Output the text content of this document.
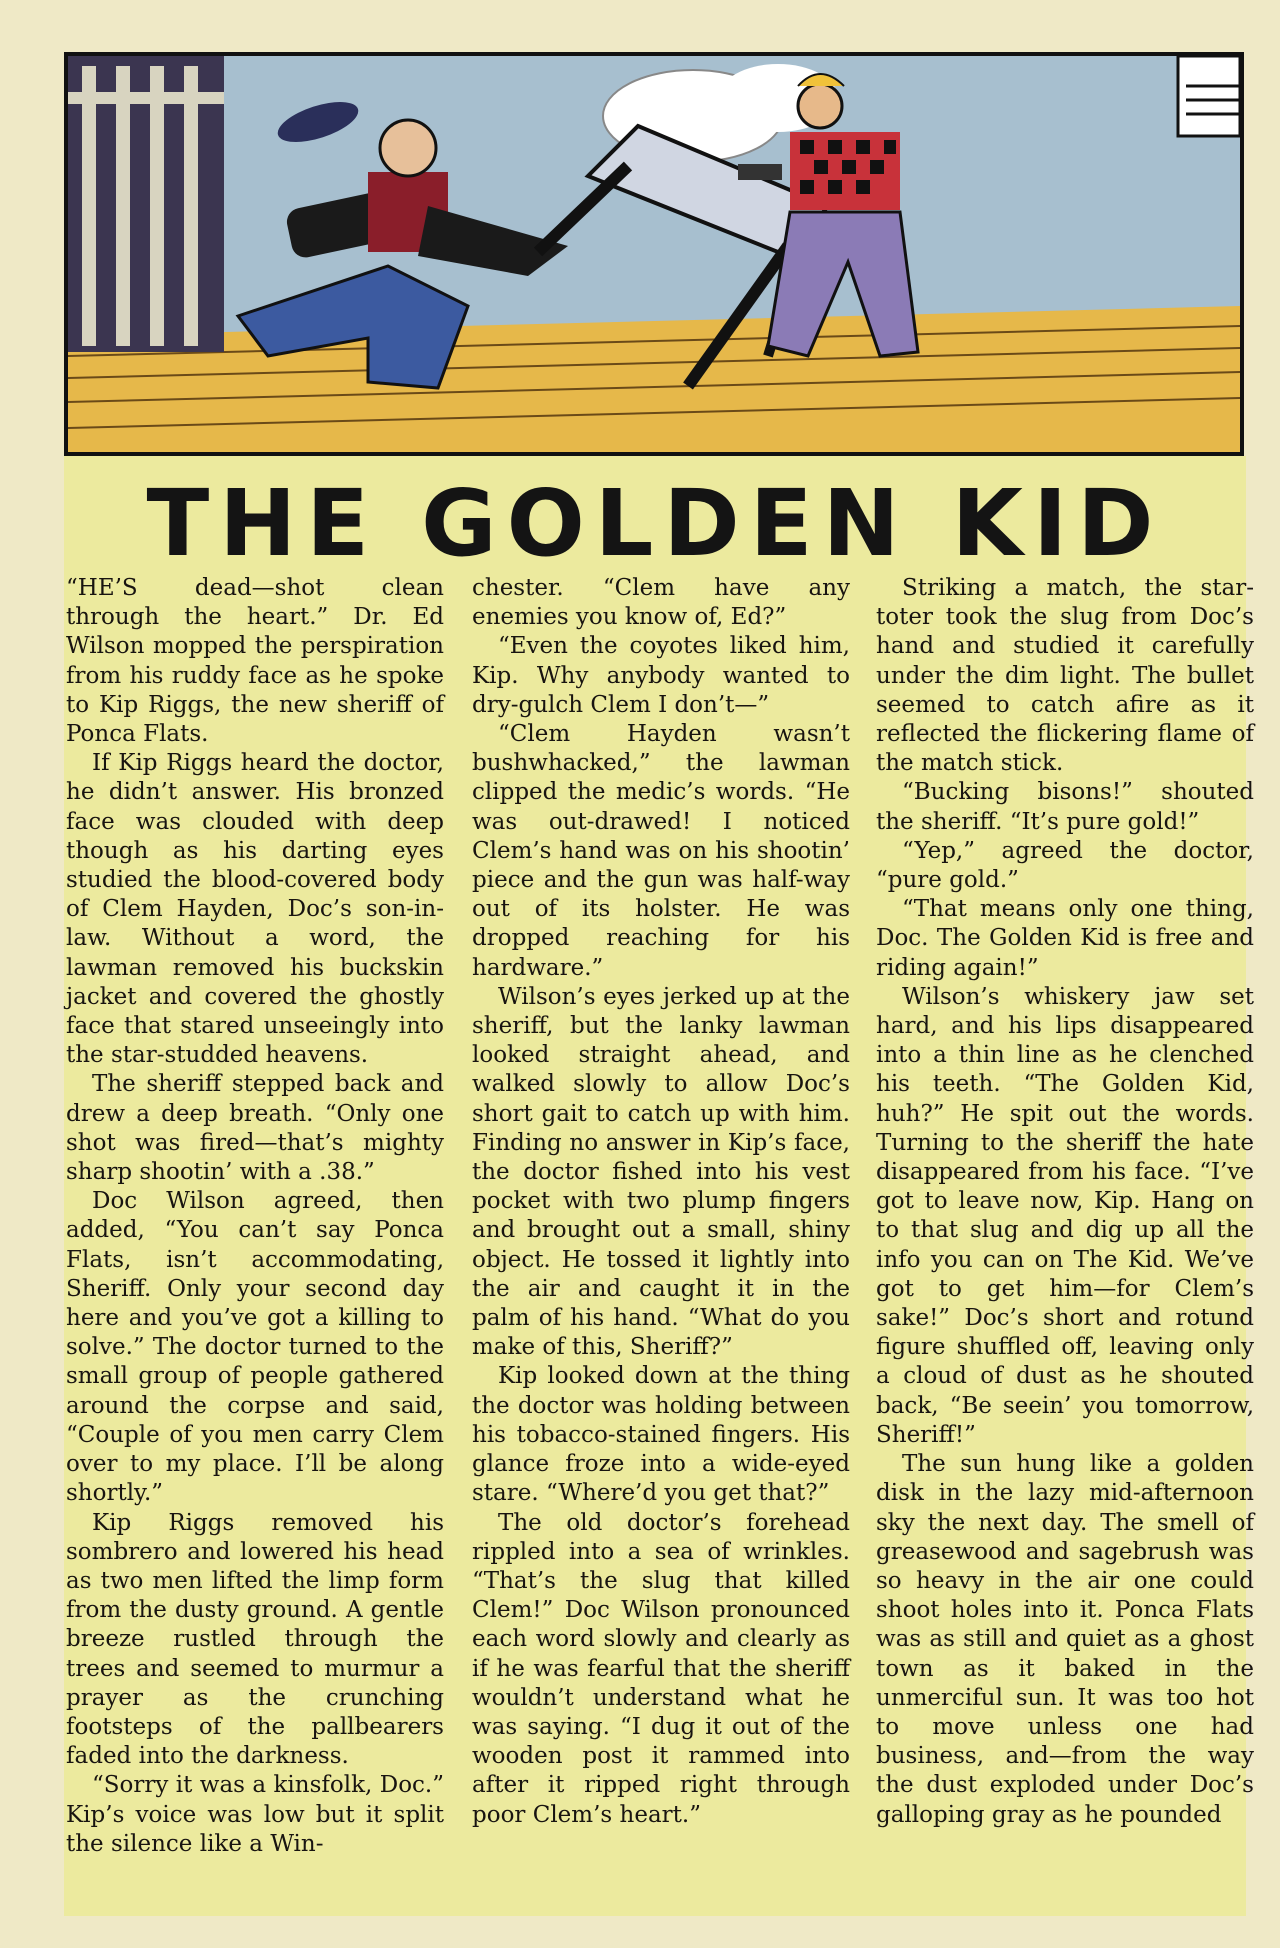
THE GOLDEN KID

“HE’S dead—shot clean through the heart.” Dr. Ed Wilson mopped the perspiration from his ruddy face as he spoke to Kip Riggs, the new sheriff of Ponca Flats.

If Kip Riggs heard the doctor, he didn’t answer. His bronzed face was clouded with deep though as his darting eyes studied the blood-covered body of Clem Hayden, Doc’s son-in-law. Without a word, the lawman removed his buckskin jacket and covered the ghostly face that stared unseeingly into the star-studded heavens.

The sheriff stepped back and drew a deep breath. “Only one shot was fired—that’s mighty sharp shootin’ with a .38.”

Doc Wilson agreed, then added, “You can’t say Ponca Flats, isn’t accommodating, Sheriff. Only your second day here and you’ve got a killing to solve.” The doctor turned to the small group of people gathered around the corpse and said, “Couple of you men carry Clem over to my place. I’ll be along shortly.”

Kip Riggs removed his sombrero and lowered his head as two men lifted the limp form from the dusty ground. A gentle breeze rustled through the trees and seemed to murmur a prayer as the crunching footsteps of the pallbearers faded into the darkness.

“Sorry it was a kinsfolk, Doc.” Kip’s voice was low but it split the silence like a Win-

chester. “Clem have any enemies you know of, Ed?”

“Even the coyotes liked him, Kip. Why anybody wanted to dry-gulch Clem I don’t—”

“Clem Hayden wasn’t bushwhacked,” the lawman clipped the medic’s words. “He was out-drawed! I noticed Clem’s hand was on his shootin’ piece and the gun was half-way out of its holster. He was dropped reaching for his hardware.”

Wilson’s eyes jerked up at the sheriff, but the lanky lawman looked straight ahead, and walked slowly to allow Doc’s short gait to catch up with him. Finding no answer in Kip’s face, the doctor fished into his vest pocket with two plump fingers and brought out a small, shiny object. He tossed it lightly into the air and caught it in the palm of his hand. “What do you make of this, Sheriff?”

Kip looked down at the thing the doctor was holding between his tobacco-stained fingers. His glance froze into a wide-eyed stare. “Where’d you get that?”

The old doctor’s forehead rippled into a sea of wrinkles. “That’s the slug that killed Clem!” Doc Wilson pronounced each word slowly and clearly as if he was fearful that the sheriff wouldn’t understand what he was saying. “I dug it out of the wooden post it rammed into after it ripped right through poor Clem’s heart.”

Striking a match, the star-toter took the slug from Doc’s hand and studied it carefully under the dim light. The bullet seemed to catch afire as it reflected the flickering flame of the match stick.

“Bucking bisons!” shouted the sheriff. “It’s pure gold!”

“Yep,” agreed the doctor, “pure gold.”

“That means only one thing, Doc. The Golden Kid is free and riding again!”

Wilson’s whiskery jaw set hard, and his lips disappeared into a thin line as he clenched his teeth. “The Golden Kid, huh?” He spit out the words. Turning to the sheriff the hate disappeared from his face. “I’ve got to leave now, Kip. Hang on to that slug and dig up all the info you can on The Kid. We’ve got to get him—for Clem’s sake!” Doc’s short and rotund figure shuffled off, leaving only a cloud of dust as he shouted back, “Be seein’ you tomorrow, Sheriff!”

The sun hung like a golden disk in the lazy mid-afternoon sky the next day. The smell of greasewood and sagebrush was so heavy in the air one could shoot holes into it. Ponca Flats was as still and quiet as a ghost town as it baked in the unmerciful sun. It was too hot to move unless one had business, and—from the way the dust exploded under Doc’s galloping gray as he pounded
